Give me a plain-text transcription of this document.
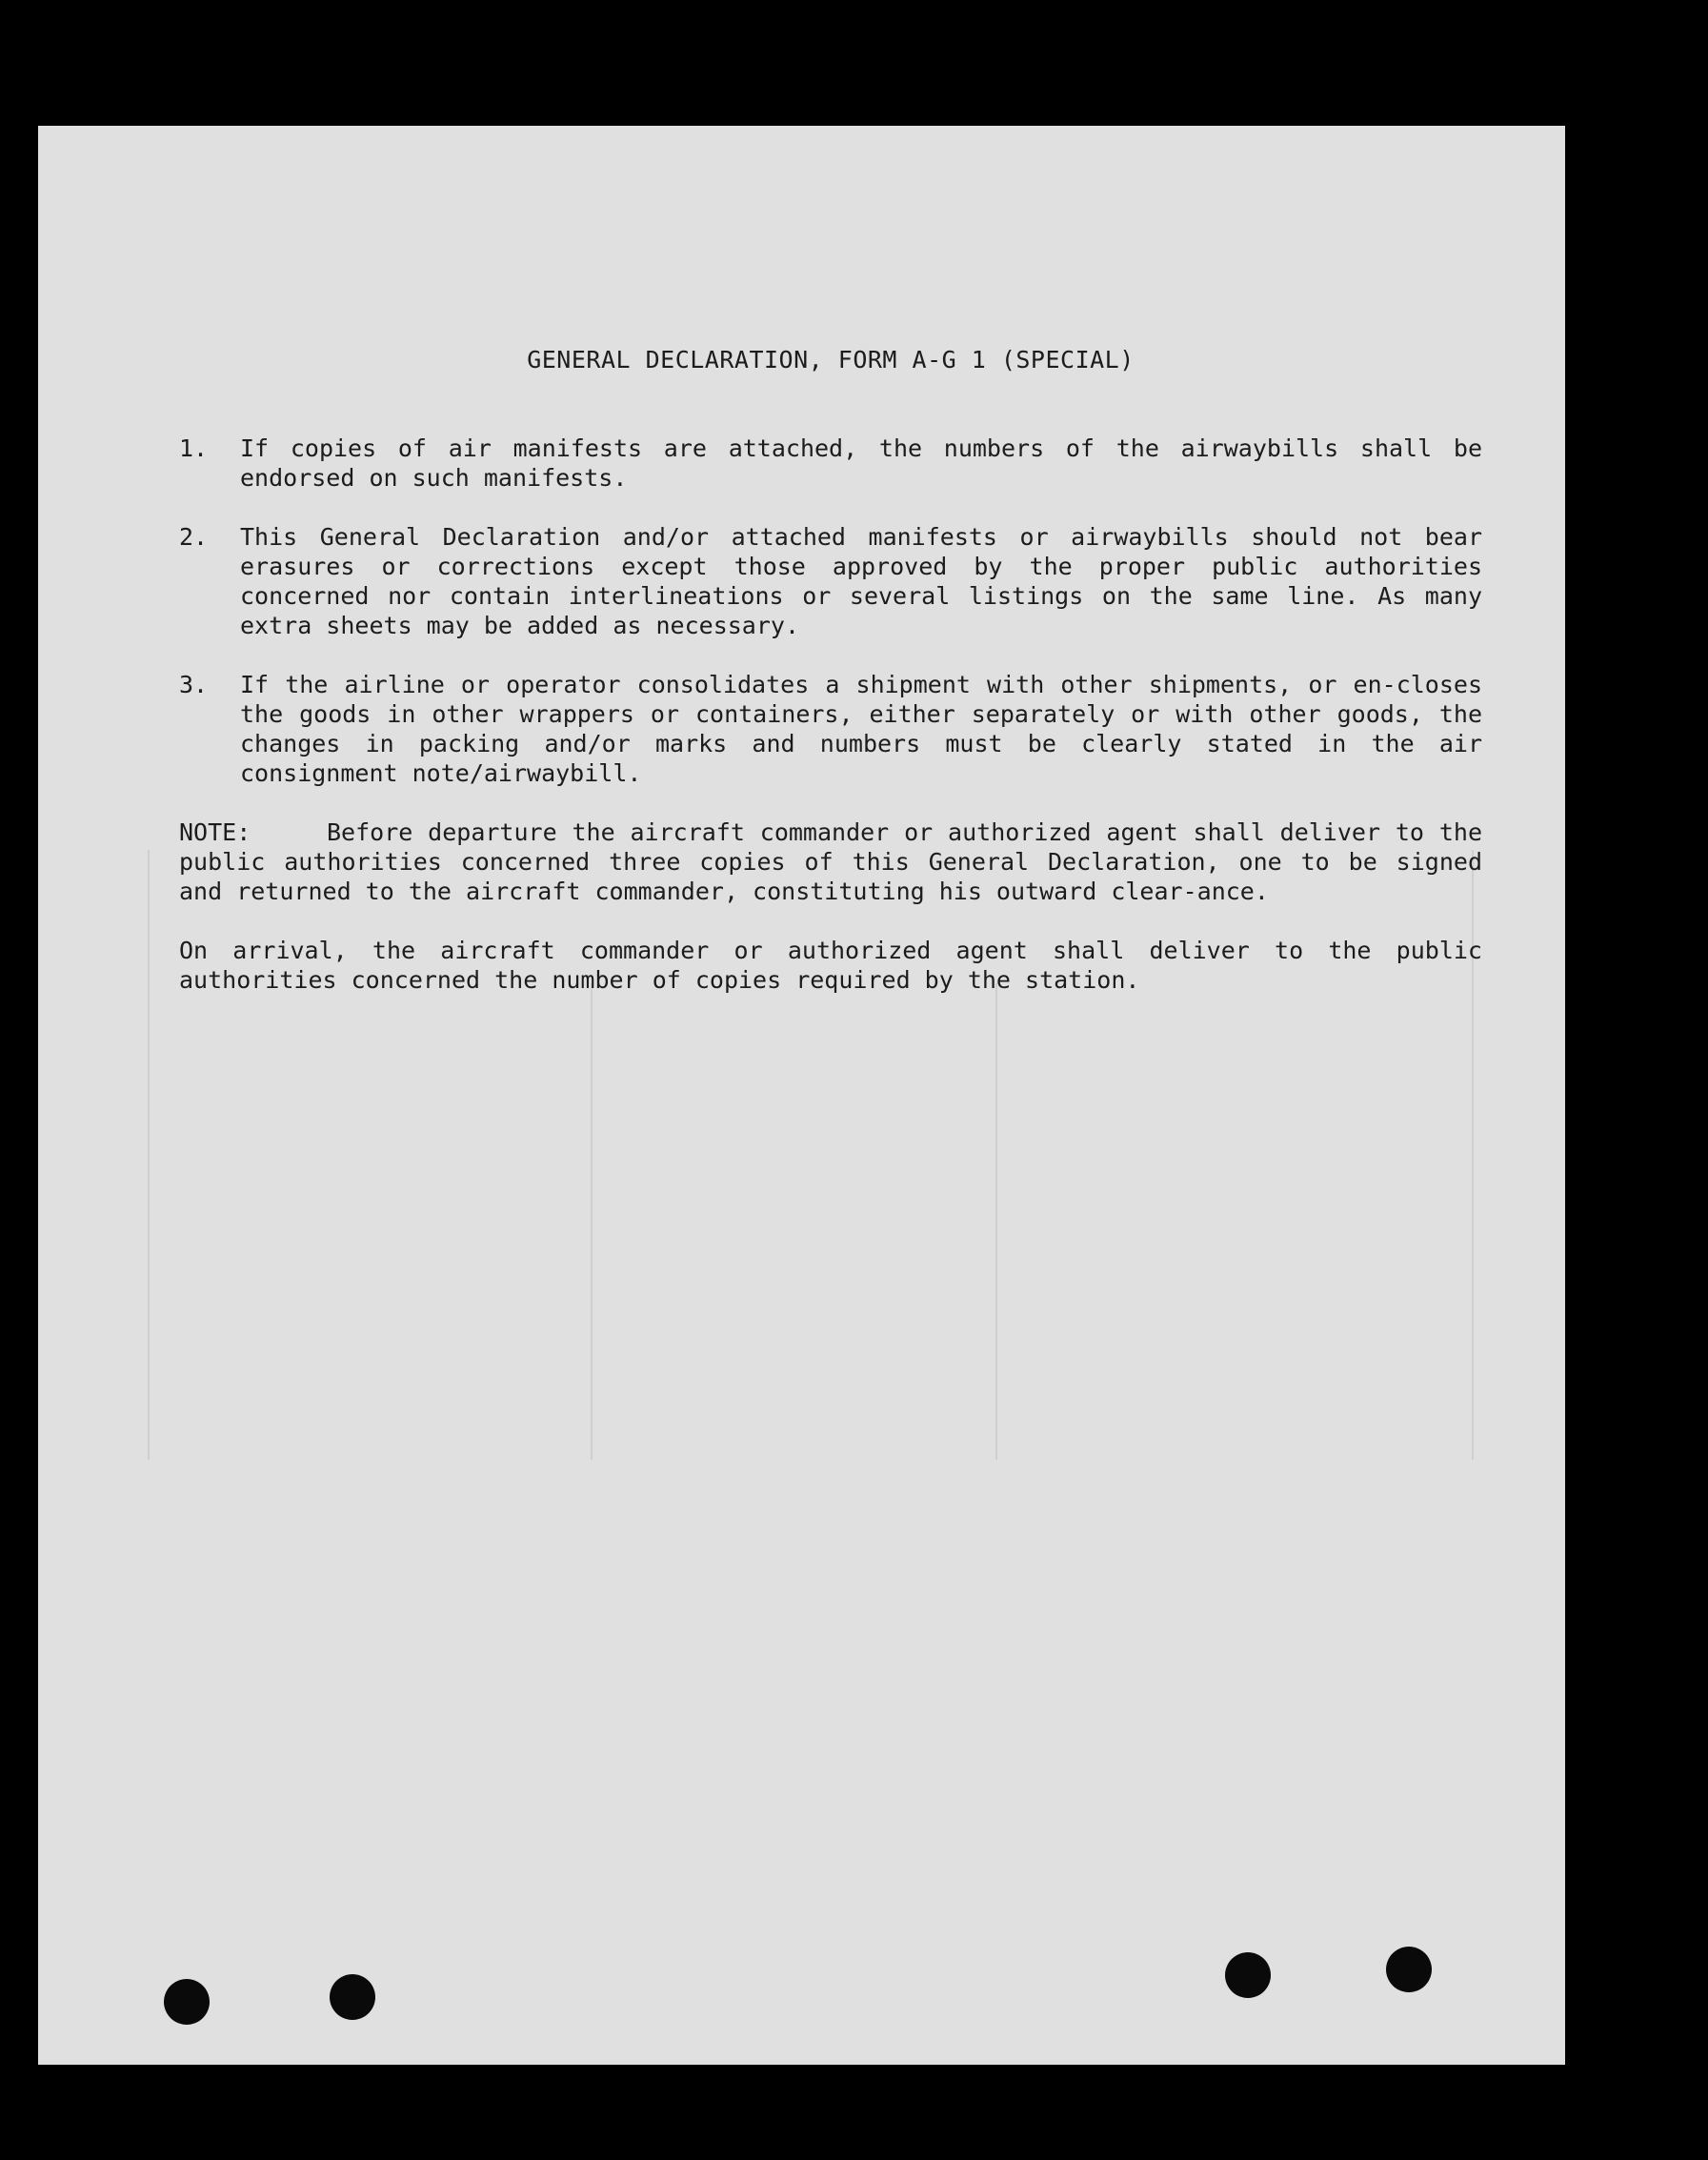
GENERAL DECLARATION, FORM A-G 1 (SPECIAL)
1.	If copies of air manifests are attached, the numbers of the airwaybills shall be endorsed on such manifests.
2.	This General Declaration and/or attached manifests or airwaybills should not bear erasures or corrections except those approved by the proper public authorities concerned nor contain interlineations or several listings on the same line. As many extra sheets may be added as necessary.
3.	If the airline or operator consolidates a shipment with other shipments, or en-closes the goods in other wrappers or containers, either separately or with other goods, the changes in packing and/or marks and numbers must be clearly stated in the air consignment note/airwaybill.
NOTE:	Before departure the aircraft commander or authorized agent shall deliver to the public authorities concerned three copies of this General Declaration, one to be signed and returned to the aircraft commander, constituting his outward clear-ance.

On arrival, the aircraft commander or authorized agent shall deliver to the public authorities concerned the number of copies required by the station.
